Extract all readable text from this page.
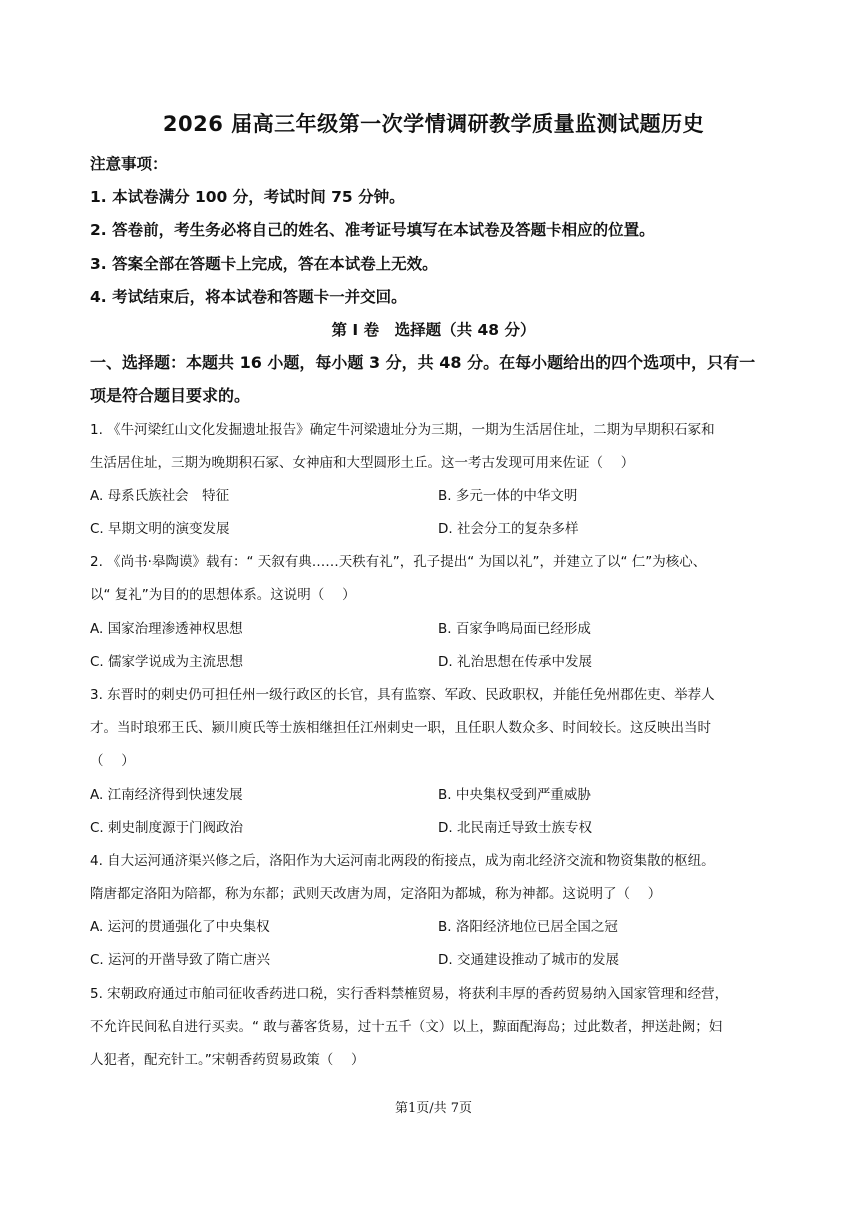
2026 届高三年级第一次学情调研教学质量监测试题历史
注意事项：
1. 本试卷满分 100 分，考试时间 75 分钟。
2. 答卷前，考生务必将自己的姓名、准考证号填写在本试卷及答题卡相应的位置。
3. 答案全部在答题卡上完成，答在本试卷上无效。
4. 考试结束后，将本试卷和答题卡一并交回。
第 I 卷　选择题（共 48 分）
一、选择题：本题共 16 小题，每小题 3 分，共 48 分。在每小题给出的四个选项中，只有一
项是符合题目要求的。
1. 《牛河梁红山文化发掘遗址报告》确定牛河梁遗址分为三期，一期为生活居住址，二期为早期积石冢和
生活居住址，三期为晚期积石冢、女神庙和大型圆形土丘。这一考古发现可用来佐证（　 ）
A. 母系氏族社会　特征	B. 多元一体的中华文明
C. 早期文明的演变发展	D. 社会分工的复杂多样
2. 《尚书·皋陶谟》载有：“ 天叙有典……天秩有礼”，孔子提出“ 为国以礼”，并建立了以“ 仁”为核心、
以“ 复礼”为目的的思想体系。这说明（　 ）
A. 国家治理渗透神权思想	B. 百家争鸣局面已经形成
C. 儒家学说成为主流思想	D. 礼治思想在传承中发展
3. 东晋时的刺史仍可担任州一级行政区的长官，具有监察、军政、民政职权，并能任免州郡佐吏、举荐人
才。当时琅邪王氏、颍川庾氏等士族相继担任江州刺史一职，且任职人数众多、时间较长。这反映出当时
（　 ）
A. 江南经济得到快速发展	B. 中央集权受到严重威胁
C. 刺史制度源于门阀政治	D. 北民南迁导致士族专权
4. 自大运河通济渠兴修之后，洛阳作为大运河南北两段的衔接点，成为南北经济交流和物资集散的枢纽。
隋唐都定洛阳为陪都，称为东都；武则天改唐为周，定洛阳为都城，称为神都。这说明了（　 ）
A. 运河的贯通强化了中央集权	B. 洛阳经济地位已居全国之冠
C. 运河的开凿导致了隋亡唐兴	D. 交通建设推动了城市的发展
5. 宋朝政府通过市舶司征收香药进口税，实行香料禁榷贸易，将获利丰厚的香药贸易纳入国家管理和经营，
不允许民间私自进行买卖。“ 敢与蕃客货易，过十五千（文）以上，黥面配海岛；过此数者，押送赴阙；妇
人犯者，配充针工。”宋朝香药贸易政策（　 ）
第1页/共 7页
